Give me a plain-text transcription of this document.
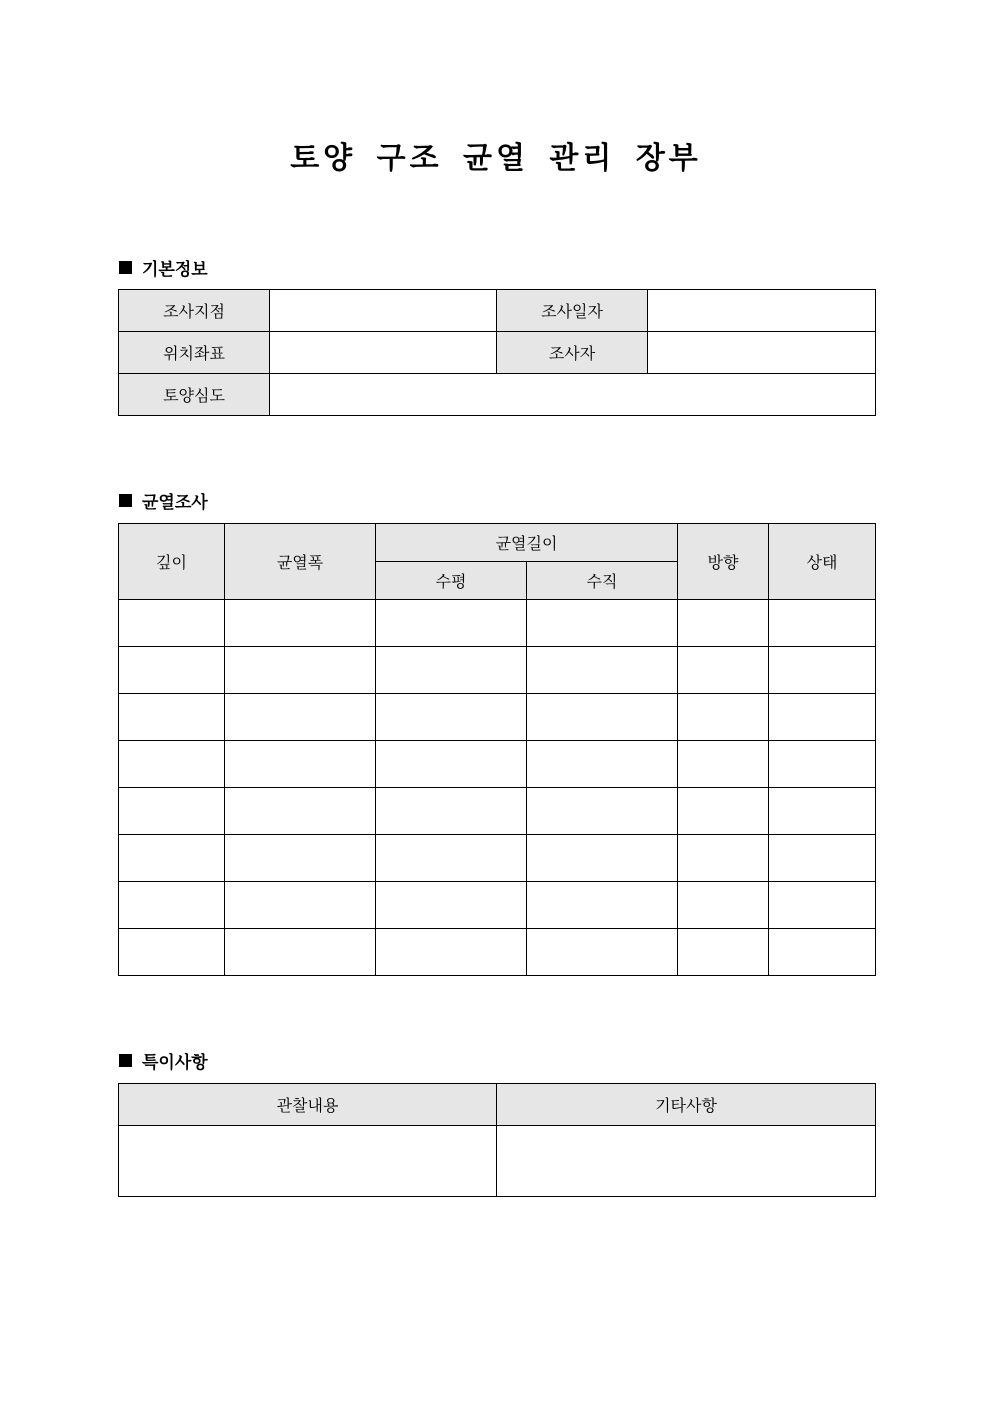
토양 구조 균열 관리 장부
기본정보
조사지점		조사일자	
위치좌표		조사자	
토양심도			
균열조사
깊이	균열폭	균열길이		방향	상태
		수평	수직		

특이사항
관찰내용	기타사항
